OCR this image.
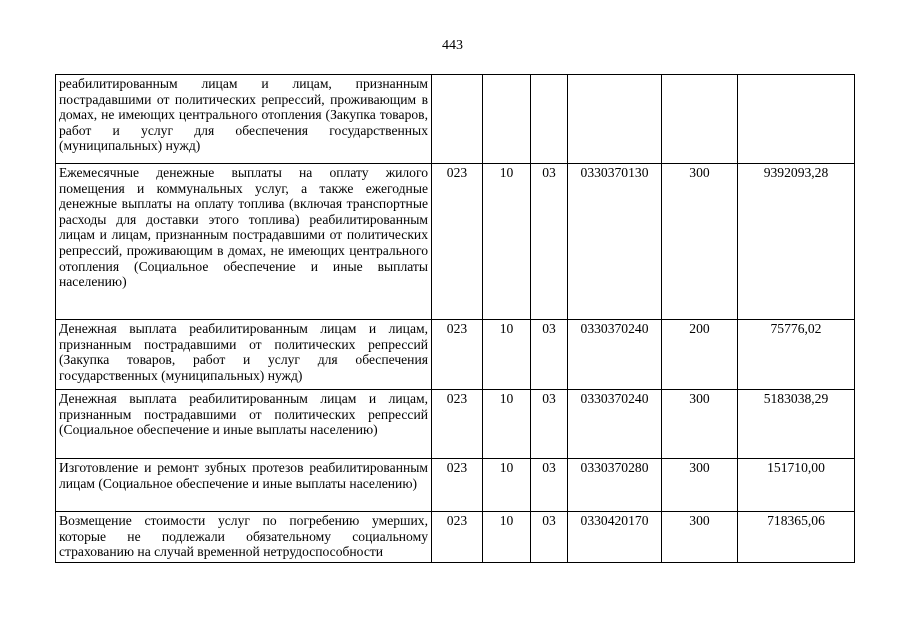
443
реабилитированным лицам и лицам, признанным пострадавшими от политических репрессий, проживающим в домах, не имеющих центрального отопления (Закупка товаров, работ и услуг для обеспечения государственных (муниципальных) нужд)						
Ежемесячные денежные выплаты на оплату жилого помещения и коммунальных услуг, а также ежегодные денежные выплаты на оплату топлива (включая транспортные расходы для доставки этого топлива) реабилитированным лицам и лицам, признанным пострадавшими от политических репрессий, проживающим в домах, не имеющих центрального отопления (Социальное обеспечение и иные выплаты населению)	023	10	03	0330370130	300	9392093,28
Денежная выплата реабилитированным лицам и лицам, признанным пострадавшими от политических репрессий (Закупка товаров, работ и услуг для обеспечения государственных (муниципальных) нужд)	023	10	03	0330370240	200	75776,02
Денежная выплата реабилитированным лицам и лицам, признанным пострадавшими от политических репрессий (Социальное обеспечение и иные выплаты населению)	023	10	03	0330370240	300	5183038,29
Изготовление и ремонт зубных протезов реабилитированным лицам (Социальное обеспечение и иные выплаты населению)	023	10	03	0330370280	300	151710,00
Возмещение стоимости услуг по погребению умерших, которые не подлежали обязательному социальному страхованию на случай временной нетрудоспособности	023	10	03	0330420170	300	718365,06
